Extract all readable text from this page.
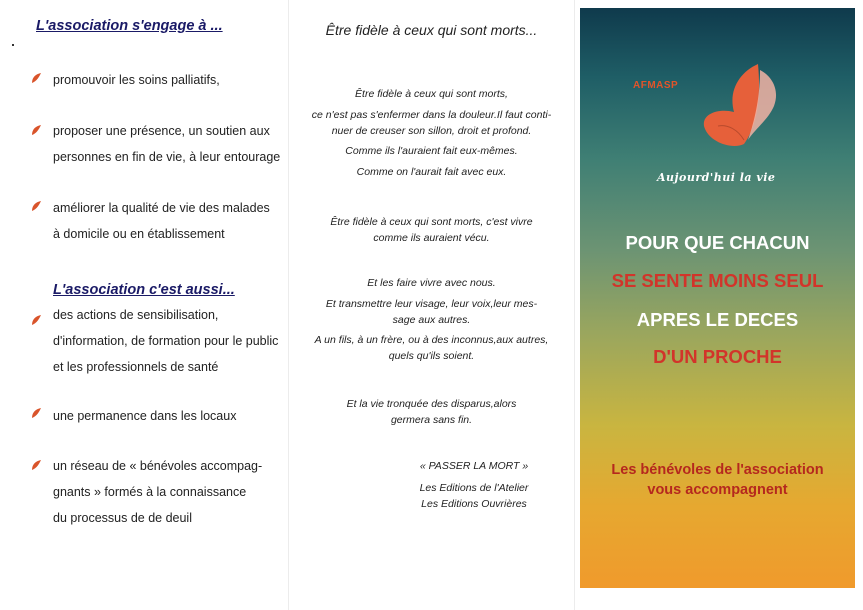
L'association s'engage à ...
promouvoir les soins palliatifs,
proposer une présence, un soutien aux
personnes en fin de vie, à leur entourage
améliorer la qualité de vie des malades
à domicile ou en établissement
L'association c'est aussi...
des actions de sensibilisation,
d'information, de formation pour le public
et les professionnels de santé
une permanence dans les locaux
un réseau de « bénévoles accompag-
gnants » formés à la connaissance
du processus de de deuil
Être fidèle à ceux qui sont morts...
Être fidèle à ceux qui sont morts,
ce n'est pas s'enfermer dans la douleur.Il faut conti-
nuer de creuser son sillon, droit et profond.
Comme ils l'auraient fait eux-mêmes.
Comme on l'aurait fait avec eux.
Être fidèle à ceux qui sont morts, c'est vivre
comme ils auraient vécu.
Et les faire vivre avec nous.
Et transmettre leur visage, leur voix,leur mes-
sage aux autres.
A un fils, à un frère, ou à des inconnus,aux autres,
quels qu'ils soient.
Et la vie tronquée des disparus,alors
germera sans fin.
« PASSER LA MORT »
Les Editions de l'Atelier
Les Editions Ouvrières
AFMASP
Aujourd'hui la vie
POUR QUE CHACUN
SE SENTE MOINS SEUL
APRES LE DECES
D'UN PROCHE
Les bénévoles de l'association
vous accompagnent
